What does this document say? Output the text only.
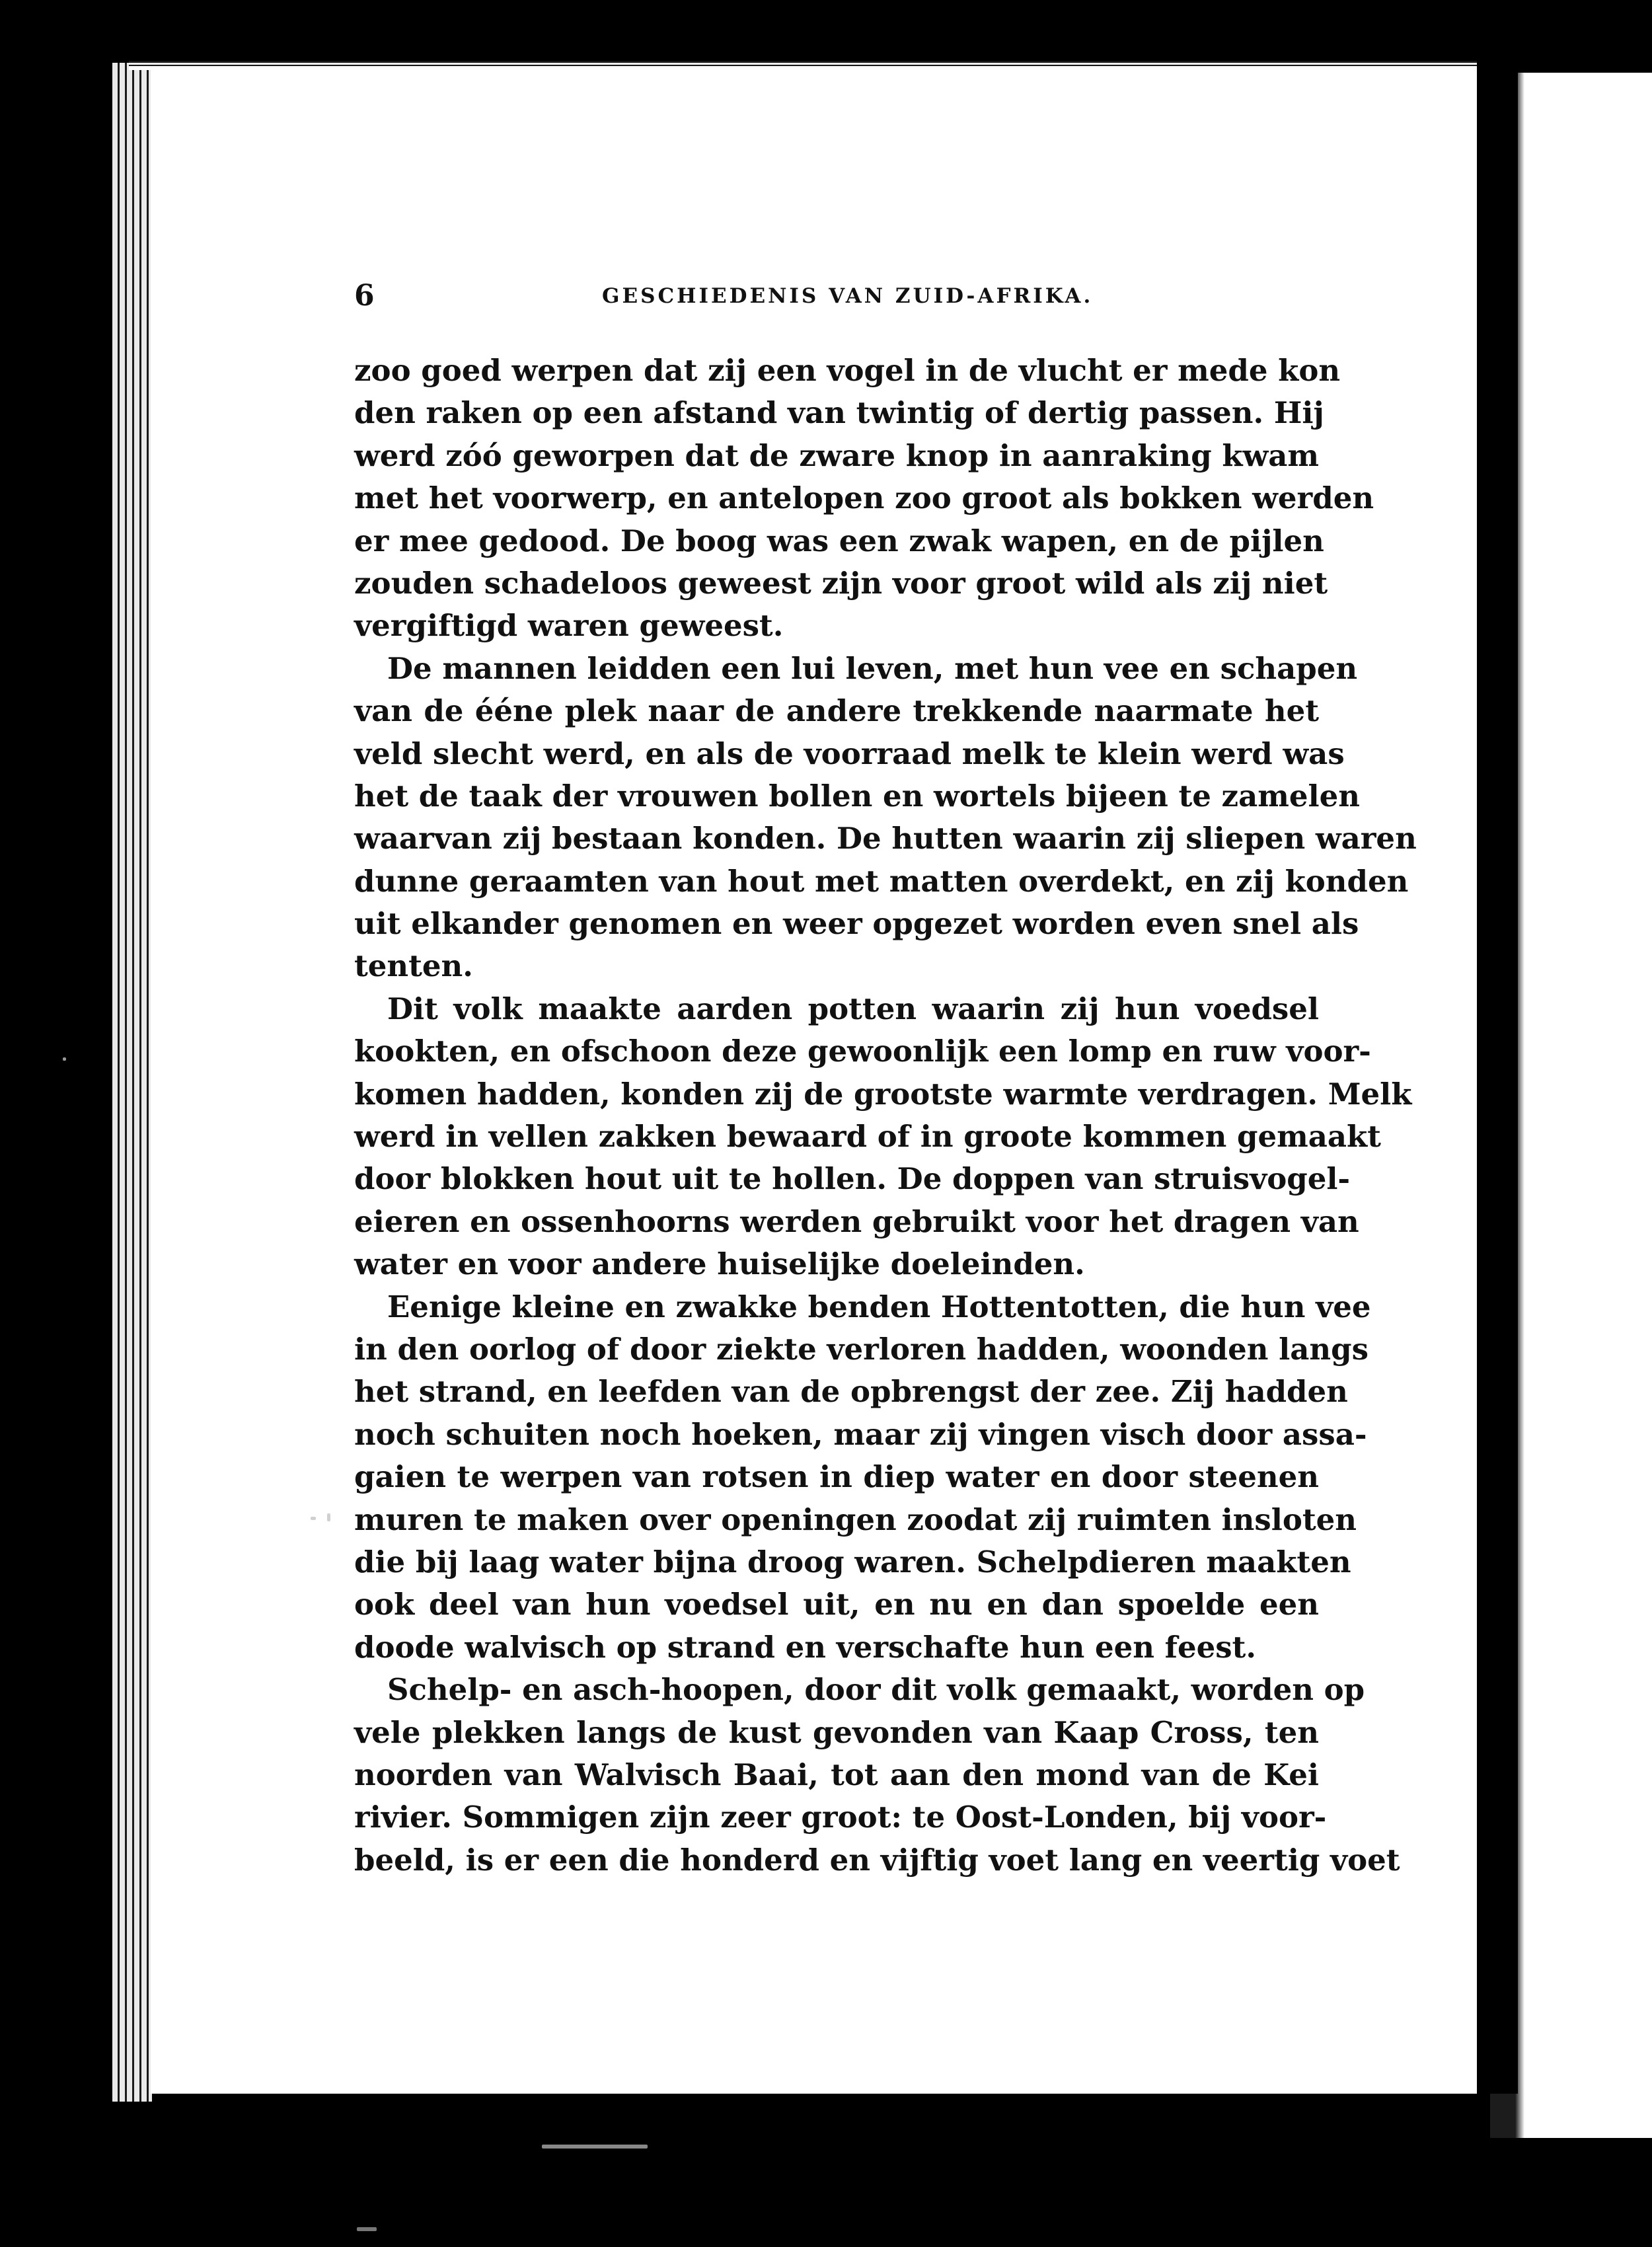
6	GESCHIEDENIS VAN ZUID-AFRIKA.
zoo goed werpen dat zij een vogel in de vlucht er mede kon
den raken op een afstand van twintig of dertig passen. Hij
werd zóó geworpen dat de zware knop in aanraking kwam
met het voorwerp, en antelopen zoo groot als bokken werden
er mee gedood. De boog was een zwak wapen, en de pijlen
zouden schadeloos geweest zijn voor groot wild als zij niet
vergiftigd waren geweest.
De mannen leidden een lui leven, met hun vee en schapen
van de ééne plek naar de andere trekkende naarmate het
veld slecht werd, en als de voorraad melk te klein werd was
het de taak der vrouwen bollen en wortels bijeen te zamelen
waarvan zij bestaan konden. De hutten waarin zij sliepen waren
dunne geraamten van hout met matten overdekt, en zij konden
uit elkander genomen en weer opgezet worden even snel als
tenten.
Dit volk maakte aarden potten waarin zij hun voedsel
kookten, en ofschoon deze gewoonlijk een lomp en ruw voor-
komen hadden, konden zij de grootste warmte verdragen. Melk
werd in vellen zakken bewaard of in groote kommen gemaakt
door blokken hout uit te hollen. De doppen van struisvogel-
eieren en ossenhoorns werden gebruikt voor het dragen van
water en voor andere huiselijke doeleinden.
Eenige kleine en zwakke benden Hottentotten, die hun vee
in den oorlog of door ziekte verloren hadden, woonden langs
het strand, en leefden van de opbrengst der zee. Zij hadden
noch schuiten noch hoeken, maar zij vingen visch door assa-
gaien te werpen van rotsen in diep water en door steenen
muren te maken over openingen zoodat zij ruimten insloten
die bij laag water bijna droog waren. Schelpdieren maakten
ook deel van hun voedsel uit, en nu en dan spoelde een
doode walvisch op strand en verschafte hun een feest.
Schelp- en asch-hoopen, door dit volk gemaakt, worden op
vele plekken langs de kust gevonden van Kaap Cross, ten
noorden van Walvisch Baai, tot aan den mond van de Kei
rivier. Sommigen zijn zeer groot: te Oost-Londen, bij voor-
beeld, is er een die honderd en vijftig voet lang en veertig voet
